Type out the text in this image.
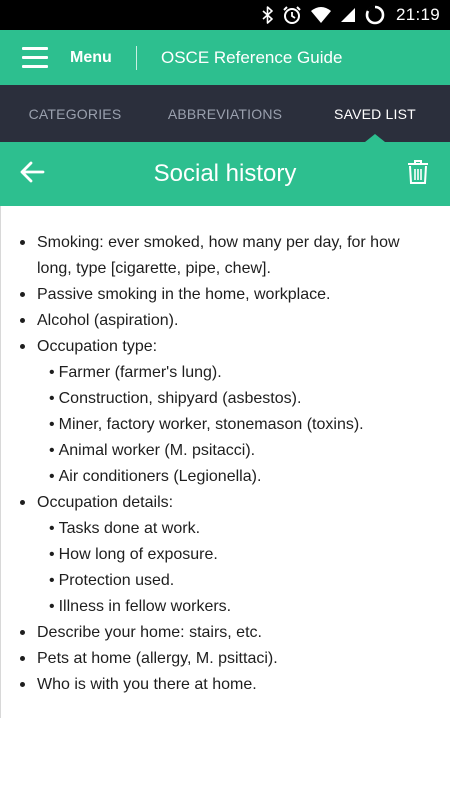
21:19
Menu	OSCE Reference Guide
CATEGORIES	ABBREVIATIONS	SAVED LIST
Social history
Smoking: ever smoked, how many per day, for how long, type [cigarette, pipe, chew].
Passive smoking in the home, workplace.
Alcohol (aspiration).
Occupation type:
• Farmer (farmer's lung).
• Construction, shipyard (asbestos).
• Miner, factory worker, stonemason (toxins).
• Animal worker (M. psitacci).
• Air conditioners (Legionella).
Occupation details:
• Tasks done at work.
• How long of exposure.
• Protection used.
• Illness in fellow workers.
Describe your home: stairs, etc.
Pets at home (allergy, M. psittaci).
Who is with you there at home.
